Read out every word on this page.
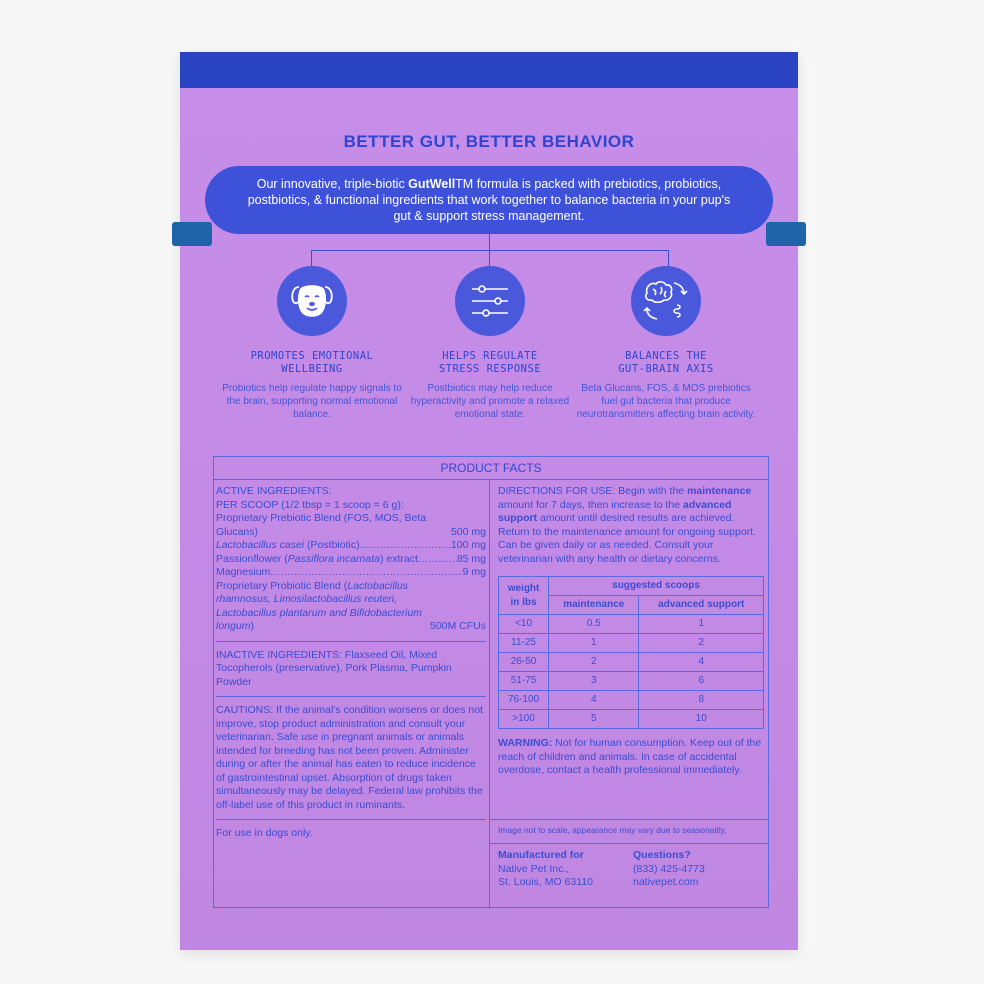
BETTER GUT, BETTER BEHAVIOR
Our innovative, triple-biotic GutWellTM formula is packed with prebiotics, probiotics, postbiotics, & functional ingredients that work together to balance bacteria in your pup's gut & support stress management.
PROMOTES EMOTIONAL
WELLBEING
Probiotics help regulate happy signals to the brain, supporting normal emotional balance.
HELPS REGULATE
STRESS RESPONSE
Postbiotics may help reduce hyperactivity and promote a relaxed emotional state.
BALANCES THE
GUT-BRAIN AXIS
Beta Glucans, FOS, & MOS prebiotics fuel gut bacteria that produce neurotransmitters affecting brain activity.
PRODUCT FACTS
ACTIVE INGREDIENTS:
PER SCOOP (1/2 tbsp = 1 scoop = 6 g):
Proprietary Prebiotic Blend (FOS, MOS, Beta Glucans)	500 mg
Lactobacillus casei (Postbiotic) .....	100 mg
Passionflower (Passiflora incarnata) extract .....	85 mg
Magnesium .....	9 mg
Proprietary Probiotic Blend (Lactobacillus rhamnosus, Limosilactobacillus reuteri, Lactobacillus plantarum and Bifidobacterium longum)	500M CFUs
INACTIVE INGREDIENTS: Flaxseed Oil, Mixed Tocopherols (preservative), Pork Plasma, Pumpkin Powder
CAUTIONS: If the animal's condition worsens or does not improve, stop product administration and consult your veterinarian. Safe use in pregnant animals or animals intended for breeding has not been proven. Administer during or after the animal has eaten to reduce incidence of gastrointestinal upset. Absorption of drugs taken simultaneously may be delayed. Federal law prohibits the off-label use of this product in ruminants.
For use in dogs only.
DIRECTIONS FOR USE: Begin with the maintenance amount for 7 days, then increase to the advanced support amount until desired results are achieved. Return to the maintenance amount for ongoing support. Can be given daily or as needed. Consult your veterinarian with any health or dietary concerns.
weight
in lbs	suggested scoops	
	maintenance	advanced support
<10	0.5	1
11-25	1	2
26-50	2	4
51-75	3	6
76-100	4	8
>100	5	10
WARNING: Not for human consumption. Keep out of the reach of children and animals. In case of accidental overdose, contact a health professional immediately.
Image not to scale, appearance may vary due to seasonality.
Manufactured for
Native Pet Inc.,
St. Louis, MO 63110
Questions?
(833) 425-4773
nativepet.com
